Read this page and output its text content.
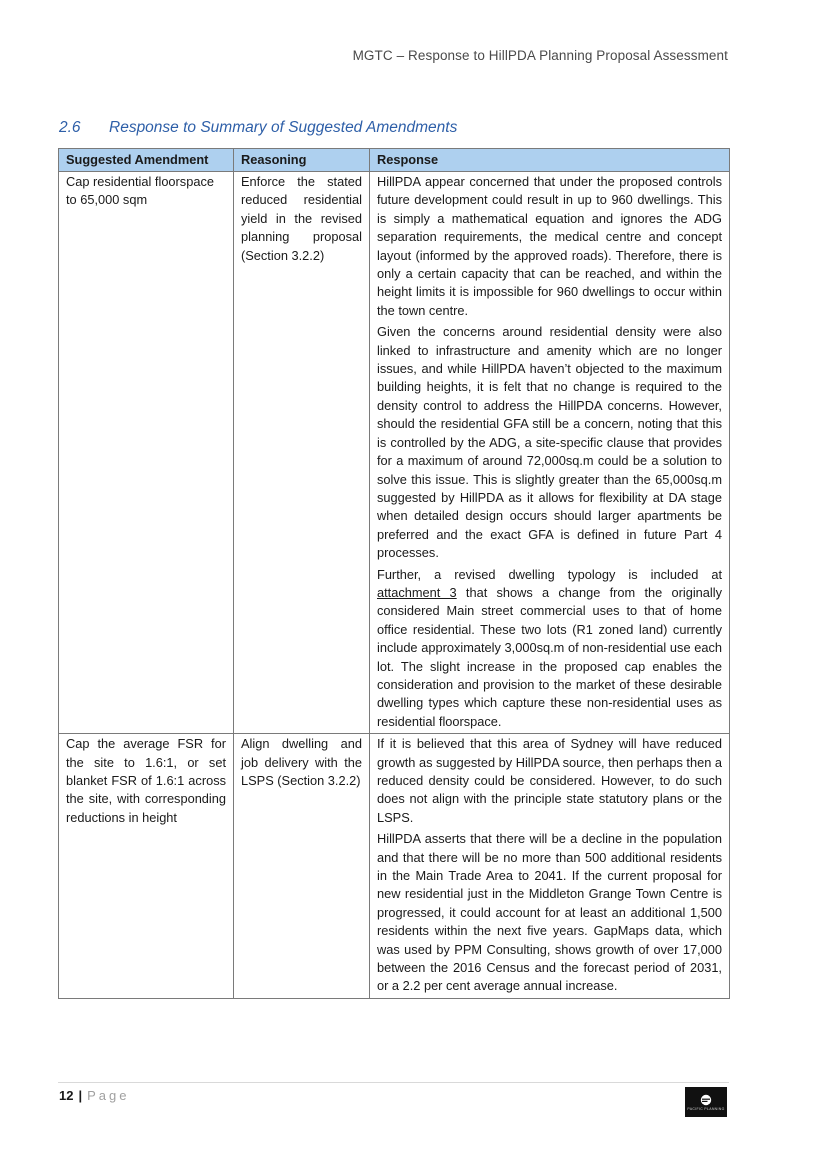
MGTC – Response to HillPDA Planning Proposal Assessment
2.6	Response to Summary of Suggested Amendments
Suggested Amendment	Reasoning	Response
Cap residential floorspace to 65,000 sqm	Enforce the stated reduced residential yield in the revised planning proposal (Section 3.2.2)	HillPDA appear concerned that under the proposed controls future development could result in up to 960 dwellings. This is simply a mathematical equation and ignores the ADG separation requirements, the medical centre and concept layout (informed by the approved roads). Therefore, there is only a certain capacity that can be reached, and within the height limits it is impossible for 960 dwellings to occur within the town centre.

Given the concerns around residential density were also linked to infrastructure and amenity which are no longer issues, and while HillPDA haven’t objected to the maximum building heights, it is felt that no change is required to the density control to address the HillPDA concerns. However, should the residential GFA still be a concern, noting that this is controlled by the ADG, a site-specific clause that provides for a maximum of around 72,000sq.m could be a solution to solve this issue. This is slightly greater than the 65,000sq.m suggested by HillPDA as it allows for flexibility at DA stage when detailed design occurs should larger apartments be preferred and the exact GFA is defined in future Part 4 processes.

Further, a revised dwelling typology is included at attachment 3 that shows a change from the originally considered Main street commercial uses to that of home office residential. These two lots (R1 zoned land) currently include approximately 3,000sq.m of non-residential use each lot. The slight increase in the proposed cap enables the consideration and provision to the market of these desirable dwelling types which capture these non-residential uses as residential floorspace.

Cap the average FSR for the site to 1.6:1, or set blanket FSR of 1.6:1 across the site, with corresponding reductions in height	Align dwelling and job delivery with the LSPS (Section 3.2.2)	If it is believed that this area of Sydney will have reduced growth as suggested by HillPDA source, then perhaps then a reduced density could be considered. However, to do such does not align with the principle state statutory plans or the LSPS.

HillPDA asserts that there will be a decline in the population and that there will be no more than 500 additional residents in the Main Trade Area to 2041. If the current proposal for new residential just in the Middleton Grange Town Centre is progressed, it could account for at least an additional 1,500 residents within the next five years. GapMaps data, which was used by PPM Consulting, shows growth of over 17,000 between the 2016 Census and the forecast period of 2031, or a 2.2 per cent average annual increase.

12 | Page
PACIFIC PLANNING
